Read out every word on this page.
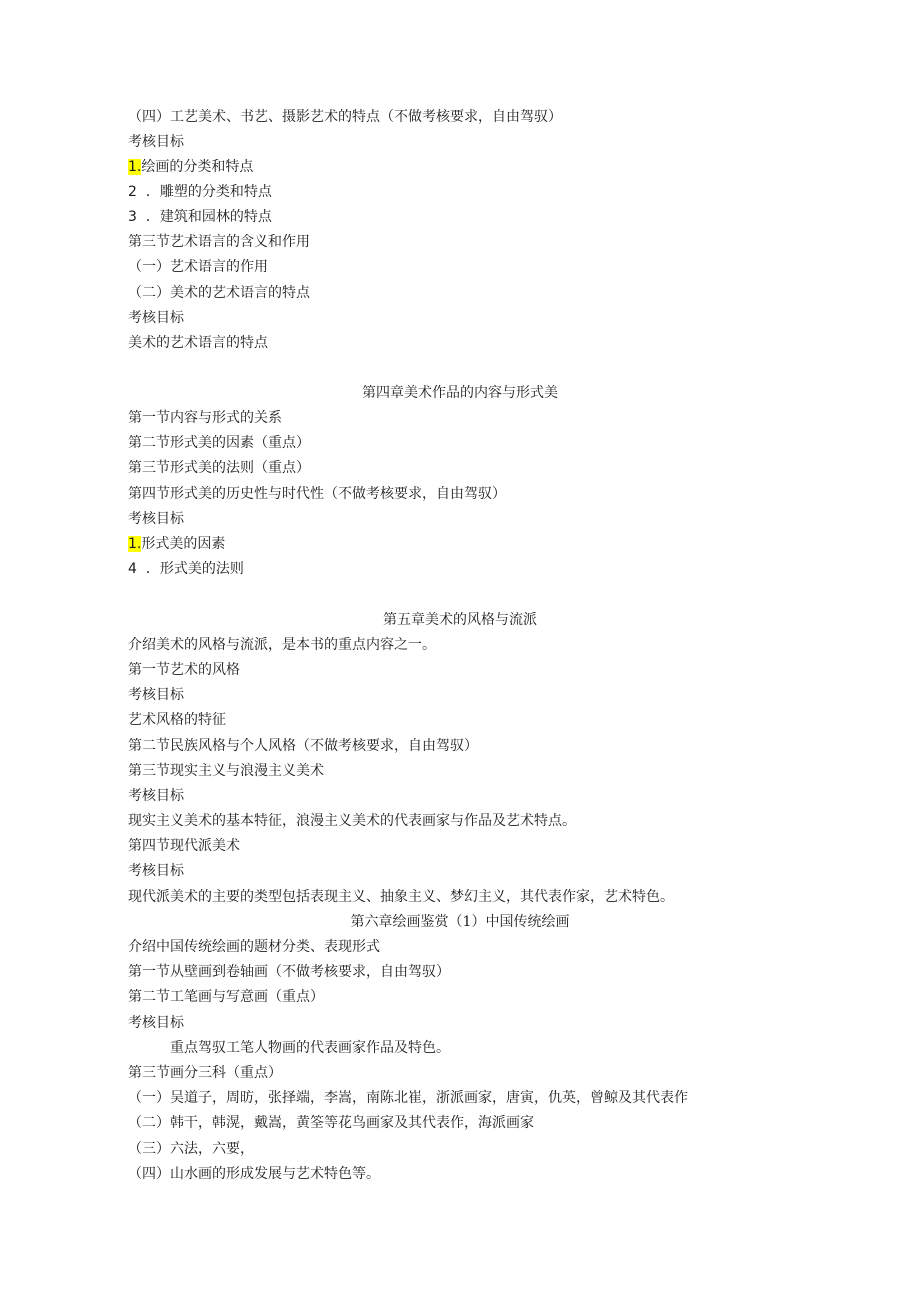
（四）工艺美术、书艺、摄影艺术的特点（不做考核要求，自由驾驭）
考核目标
1.绘画的分类和特点
2 ．雕塑的分类和特点
3 ．建筑和园林的特点
第三节艺术语言的含义和作用
（一）艺术语言的作用
（二）美术的艺术语言的特点
考核目标
美术的艺术语言的特点
第四章美术作品的内容与形式美
第一节内容与形式的关系
第二节形式美的因素（重点）
第三节形式美的法则（重点）
第四节形式美的历史性与时代性（不做考核要求，自由驾驭）
考核目标
1.形式美的因素
4 ．形式美的法则
第五章美术的风格与流派
介绍美术的风格与流派，是本书的重点内容之一。
第一节艺术的风格
考核目标
艺术风格的特征
第二节民族风格与个人风格（不做考核要求，自由驾驭）
第三节现实主义与浪漫主义美术
考核目标
现实主义美术的基本特征，浪漫主义美术的代表画家与作品及艺术特点。
第四节现代派美术
考核目标
现代派美术的主要的类型包括表现主义、抽象主义、梦幻主义，其代表作家，艺术特色。
第六章绘画鉴赏（1）中国传统绘画
介绍中国传统绘画的题材分类、表现形式
第一节从壁画到卷轴画（不做考核要求，自由驾驭）
第二节工笔画与写意画（重点）
考核目标
重点驾驭工笔人物画的代表画家作品及特色。
第三节画分三科（重点）
（一）吴道子，周昉，张择端，李嵩，南陈北崔，浙派画家，唐寅，仇英，曾鲸及其代表作
（二）韩干，韩滉，戴嵩，黄筌等花鸟画家及其代表作，海派画家
（三）六法，六要，
（四）山水画的形成发展与艺术特色等。
